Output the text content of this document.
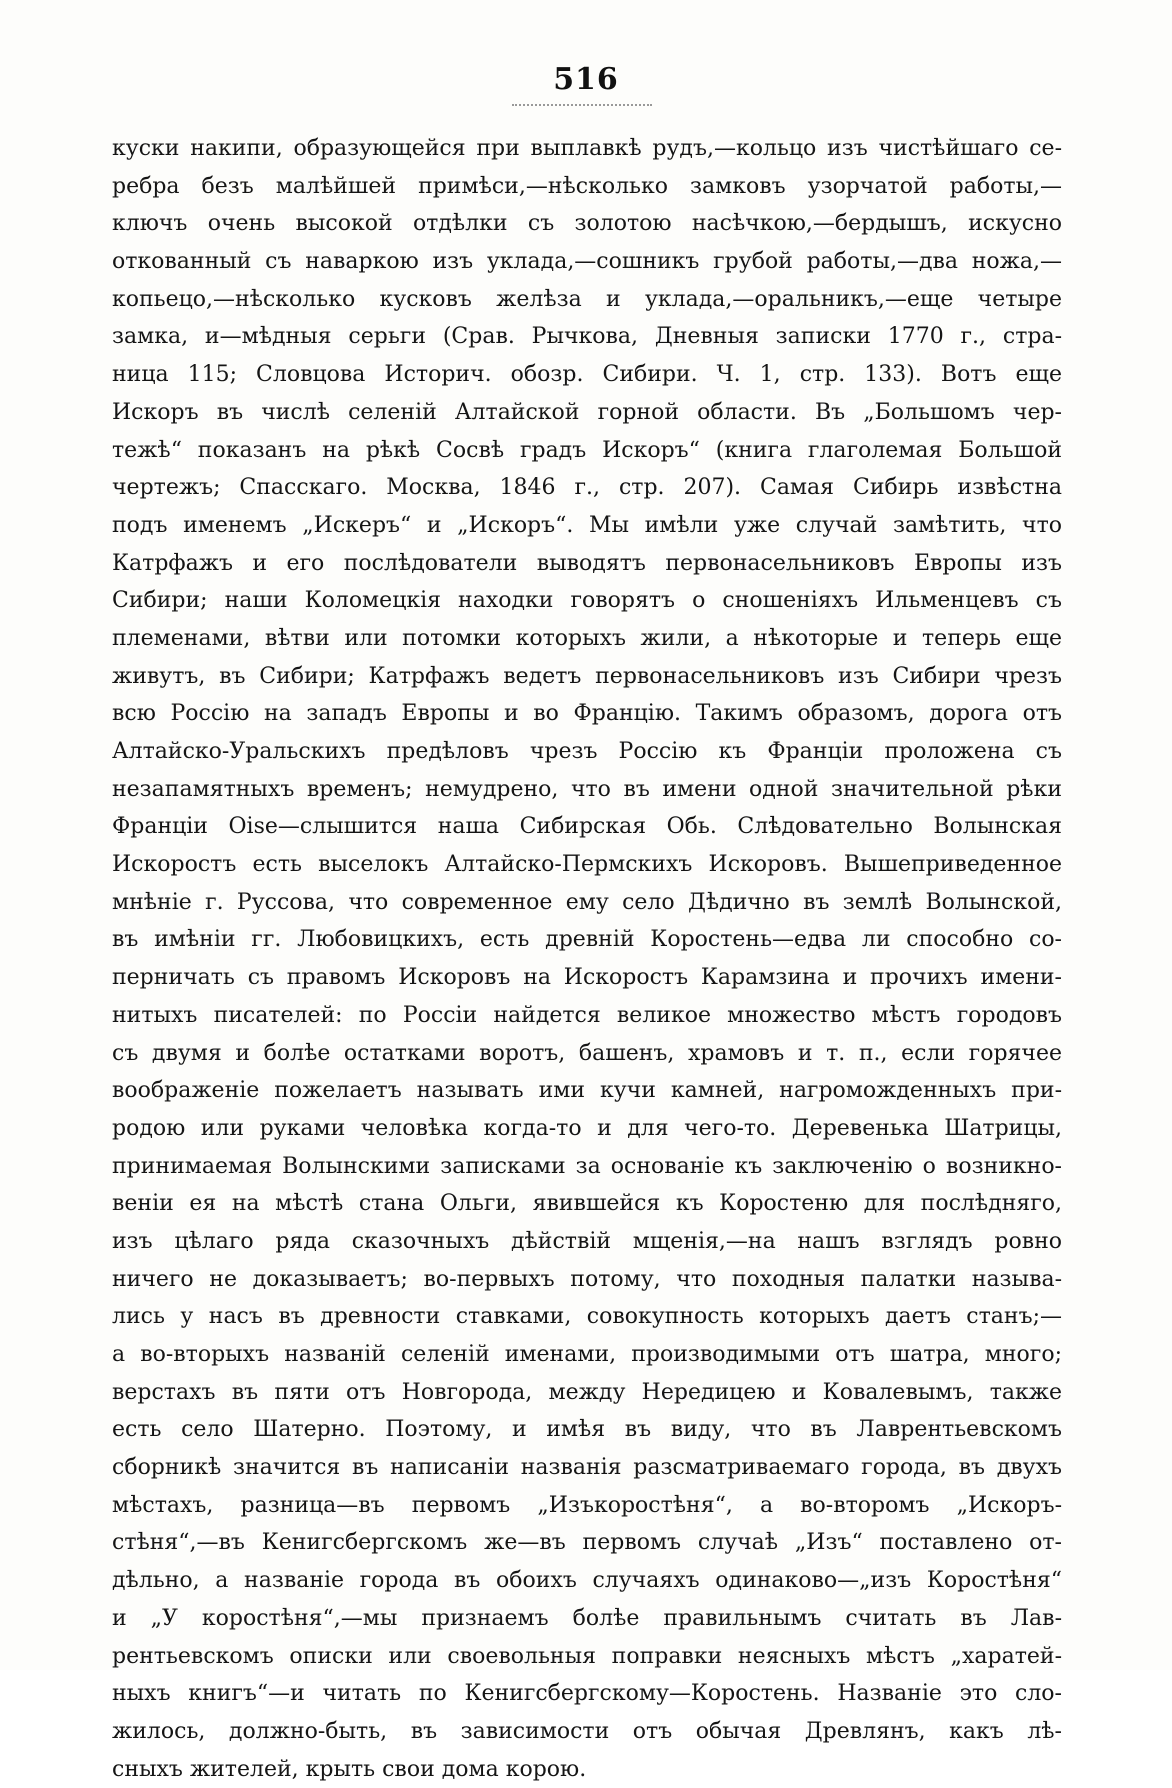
516
куски накипи, образующейся при выплавкѣ рудъ,—кольцо изъ чистѣйшаго се-
ребра безъ малѣйшей примѣси,—нѣсколько замковъ узорчатой работы,—
ключъ очень высокой отдѣлки съ золотою насѣчкою,—бердышъ, искусно
откованный съ наваркою изъ уклада,—сошникъ грубой работы,—два ножа,—
копьецо,—нѣсколько кусковъ желѣза и уклада,—оральникъ,—еще четыре
замка, и—мѣдныя серьги (Срав. Рычкова, Дневныя записки 1770 г., стра-
ница 115; Словцова Историч. обозр. Сибири. Ч. 1, стр. 133). Вотъ еще
Искоръ въ числѣ селеній Алтайской горной области. Въ „Большомъ чер-
тежѣ“ показанъ на рѣкѣ Сосвѣ градъ Искоръ“ (книга глаголемая Большой
чертежъ; Спасскаго. Москва, 1846 г., стр. 207). Самая Сибирь извѣстна
подъ именемъ „Искеръ“ и „Искоръ“. Мы имѣли уже случай замѣтить, что
Катрфажъ и его послѣдователи выводятъ первонасельниковъ Европы изъ
Сибири; наши Коломецкія находки говорятъ о сношеніяхъ Ильменцевъ съ
племенами, вѣтви или потомки которыхъ жили, а нѣкоторые и теперь еще
живутъ, въ Сибири; Катрфажъ ведетъ первонасельниковъ изъ Сибири чрезъ
всю Россію на западъ Европы и во Францію. Такимъ образомъ, дорога отъ
Алтайско-Уральскихъ предѣловъ чрезъ Россію къ Франціи проложена съ
незапамятныхъ временъ; немудрено, что въ имени одной значительной рѣки
Франціи Oise—слышится наша Сибирская Обь. Слѣдовательно Волынская
Искоростъ есть выселокъ Алтайско-Пермскихъ Искоровъ. Вышеприведенное
мнѣніе г. Руссова, что современное ему село Дѣдично въ землѣ Волынской,
въ имѣніи гг. Любовицкихъ, есть древній Коростень—едва ли способно со-
перничать съ правомъ Искоровъ на Искоростъ Карамзина и прочихъ имени-
нитыхъ писателей: по Россіи найдется великое множество мѣстъ городовъ
съ двумя и болѣе остатками воротъ, башенъ, храмовъ и т. п., если горячее
воображеніе пожелаетъ называть ими кучи камней, нагроможденныхъ при-
родою или руками человѣка когда-то и для чего-то. Деревенька Шатрицы,
принимаемая Волынскими записками за основаніе къ заключенію о возникно-
веніи ея на мѣстѣ стана Ольги, явившейся къ Коростеню для послѣдняго,
изъ цѣлаго ряда сказочныхъ дѣйствій мщенія,—на нашъ взглядъ ровно
ничего не доказываетъ; во-первыхъ потому, что походныя палатки называ-
лись у насъ въ древности ставками, совокупность которыхъ даетъ станъ;—
а во-вторыхъ названій селеній именами, производимыми отъ шатра, много;
верстахъ въ пяти отъ Новгорода, между Нередицею и Ковалевымъ, также
есть село Шатерно. Поэтому, и имѣя въ виду, что въ Лаврентьевскомъ
сборникѣ значится въ написаніи названія разсматриваемаго города, въ двухъ
мѣстахъ, разница—въ первомъ „Изъкоростѣня“, а во-второмъ „Искоръ-
стѣня“,—въ Кенигсбергскомъ же—въ первомъ случаѣ „Изъ“ поставлено от-
дѣльно, а названіе города въ обоихъ случаяхъ одинаково—„изъ Коростѣня“
и „У коростѣня“,—мы признаемъ болѣе правильнымъ считать въ Лав-
рентьевскомъ описки или своевольныя поправки неясныхъ мѣстъ „харатей-
ныхъ книгъ“—и читать по Кенигсбергскому—Коростень. Названіе это сло-
жилось, должно-быть, въ зависимости отъ обычая Древлянъ, какъ лѣ-
сныхъ жителей, крыть свои дома корою.
